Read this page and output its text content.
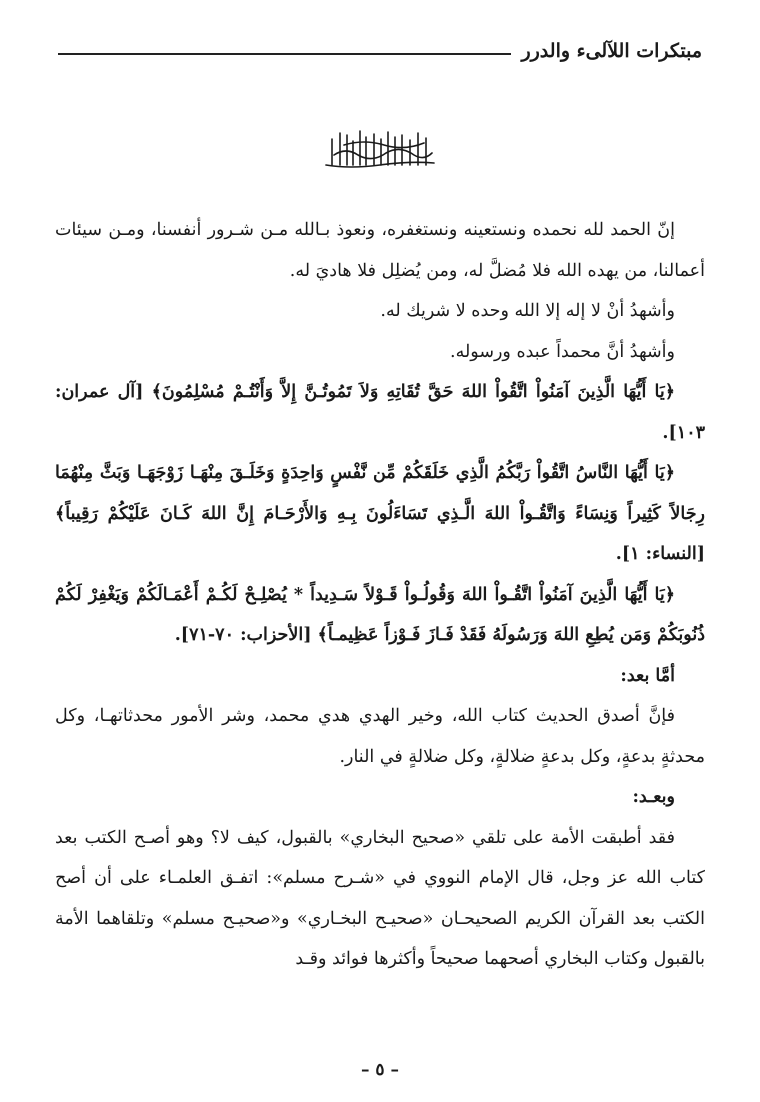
مبتكرات اللآلىء والدرر

إنّ الحمد لله نحمده ونستعينه ونستغفره، ونعوذ بـالله مـن شـرور أنفسنا، ومـن سيئات أعمالنا، من يهده الله فلا مُضلَّ له، ومن يُضلِل فلا هاديَ له.

وأشهدُ أنْ لا إله إلا الله وحده لا شريك له.

وأشهدُ أنَّ محمداً عبده ورسوله.

﴿يَا أَيُّهَا الَّذِينَ آمَنُواْ اتَّقُواْ اللهَ حَقَّ تُقَاتِهِ وَلاَ تَمُوتُـنَّ إِلاَّ وَأَنْتُـمْ مُسْلِمُونَ﴾ [آل عمران: ١٠٣].

﴿يَا أَيُّهَا النَّاسُ اتَّقُواْ رَبَّكُمُ الَّذِي خَلَقَكُمْ مِّن نَّفْسٍ وَاحِدَةٍ وَخَلَـقَ مِنْهَـا زَوْجَهَـا وَبَثَّ مِنْهُمَا رِجَالاً كَثِيراً وَنِسَاءً وَاتَّقُـواْ اللهَ الَّـذِي تَسَاءَلُونَ بِـهِ وَالأَرْحَـامَ إِنَّ اللهَ كَـانَ عَلَيْكُمْ رَقِيباً﴾ [النساء: ١].

﴿يَا أَيُّهَا الَّذِينَ آمَنُواْ اتَّقُـواْ اللهَ وَقُولُـواْ قَـوْلاً سَـدِيداً * يُصْلِـحْ لَكُـمْ أَعْمَـالَكُمْ وَيَغْفِرْ لَكُمْ ذُنُوبَكُمْ وَمَن يُطِعِ اللهَ وَرَسُولَهُ فَقَدْ فَـازَ فَـوْزاً عَظِيمـاً﴾ [الأحزاب: ٧٠-٧١].

أمَّا بعد:

فإنَّ أصدق الحديث كتاب الله، وخير الهدي هدي محمد، وشر الأمور محدثاتهـا، وكل محدثةٍ بدعةٍ، وكل بدعةٍ ضلالةٍ، وكل ضلالةٍ في النار.

وبعـد:

فقد أطبقت الأمة على تلقي «صحيح البخاري» بالقبول، كيف لا؟ وهو أصـح الكتب بعد كتاب الله عز وجل، قال الإمام النووي في «شـرح مسلم»: اتفـق العلمـاء على أن أصح الكتب بعد القرآن الكريم الصحيحـان «صحيـح البخـاري» و«صحيـح مسلم» وتلقاهما الأمة بالقبول وكتاب البخاري أصحهما صحيحاً وأكثرها فوائد وقـد

– ٥ –
